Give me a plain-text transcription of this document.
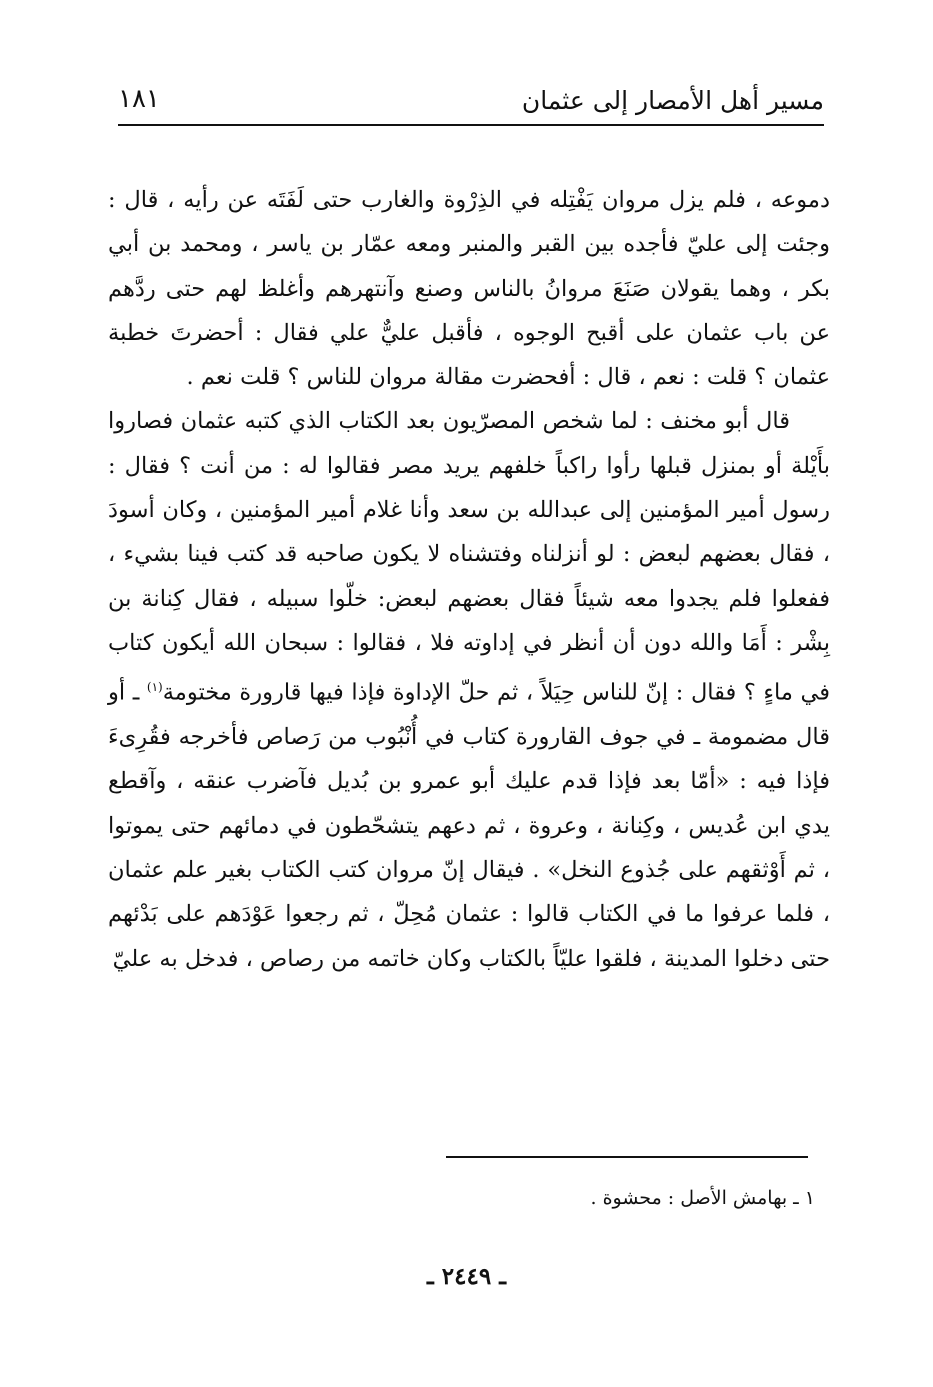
مسير أهل الأمصار إلى عثمان
١٨١

دموعه ، فلم يزل مروان يَفْتِله في الذِرْوة والغارب حتى لَفَتَه عن رأيه ، قال : وجئت إلى عليّ فأجده بين القبر والمنبر ومعه عمّار بن ياسر ، ومحمد بن أبي بكر ، وهما يقولان صَنَعَ مروانُ بالناس وصنع وآنتهرهم وأغلظ لهم حتى ردَّهم عن باب عثمان على أقبح الوجوه ، فأقبل عليٌّ علي فقال : أحضرتَ خطبة عثمان ؟ قلت : نعم ، قال : أفحضرت مقالة مروان للناس ؟ قلت نعم .

قال أبو مخنف : لما شخص المصرّيون بعد الكتاب الذي كتبه عثمان فصاروا بأَيْلة أو بمنزل قبلها رأوا راكباً خلفهم يريد مصر فقالوا له : من أنت ؟ فقال : رسول أمير المؤمنين إلى عبدالله بن سعد وأنا غلام أمير المؤمنين ، وكان أسودَ ، فقال بعضهم لبعض : لو أنزلناه وفتشناه لا يكون صاحبه قد كتب فينا بشيء ، ففعلوا فلم يجدوا معه شيئاً فقال بعضهم لبعض: خلّوا سبيله ، فقال كِنانة بن بِشْر : أَمَا والله دون أن أنظر في إداوته فلا ، فقالوا : سبحان الله أيكون كتاب في ماءٍ ؟ فقال : إنّ للناس حِيَلاً ، ثم حلّ الإداوة فإذا فيها قارورة مختومة$^{(١)}$ ـ أو قال مضمومة ـ في جوف القارورة كتاب في أُنْبُوب من رَصاص فأخرجه فقُرِىءَ فإذا فيه : «أمّا بعد فإذا قدم عليك أبو عمرو بن بُديل فآضرب عنقه ، وآقطع يدي ابن عُديس ، وكِنانة ، وعروة ، ثم دعهم يتشحّطون في دمائهم حتى يموتوا ، ثم أَوْثقهم على جُذوع النخل» . فيقال إنّ مروان كتب الكتاب بغير علم عثمان ، فلما عرفوا ما في الكتاب قالوا : عثمان مُحِلّ ، ثم رجعوا عَوْدَهم على بَدْئهم حتى دخلوا المدينة ، فلقوا عليّاً بالكتاب وكان خاتمه من رصاص ، فدخل به عليّ

١ ـ بهامش الأصل : محشوة .
ـ ٢٤٤٩ ـ
